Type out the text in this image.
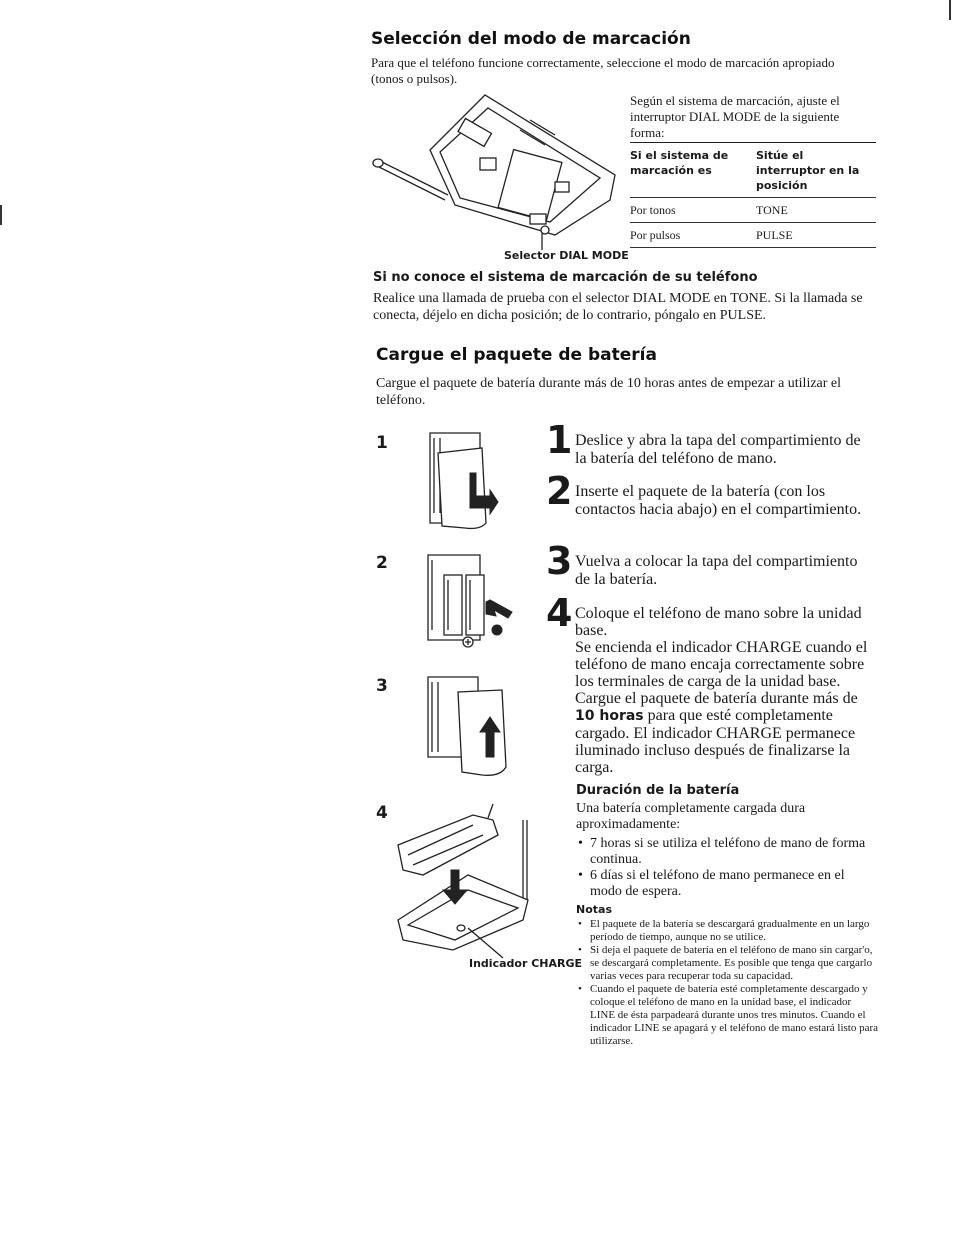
Selección del modo de marcación
Para que el teléfono funcione correctamente, seleccione el modo de marcación apropiado (tonos o pulsos).
Selector DIAL MODE
Según el sistema de marcación, ajuste el interruptor DIAL MODE de la siguiente forma:
Si el sistema de marcación es	Sitúe el interruptor en la posición
Por tonos	TONE
Por pulsos	PULSE
Si no conoce el sistema de marcación de su teléfono
Realice una llamada de prueba con el selector DIAL MODE en TONE. Si la llamada se conecta, déjelo en dicha posición; de lo contrario, póngalo en PULSE.
Cargue el paquete de batería
Cargue el paquete de batería durante más de 10 horas antes de empezar a utilizar el teléfono.
1
2
3
4
Indicador CHARGE
1 Deslice y abra la tapa del compartimiento de la batería del teléfono de mano.
2 Inserte el paquete de la batería (con los contactos hacia abajo) en el compartimiento.
3 Vuelva a colocar la tapa del compartimiento de la batería.
4 Coloque el teléfono de mano sobre la unidad base.
Se encienda el indicador CHARGE cuando el teléfono de mano encaja correctamente sobre los terminales de carga de la unidad base. Cargue el paquete de batería durante más de 10 horas para que esté completamente cargado. El indicador CHARGE permanece iluminado incluso después de finalizarse la carga.
Duración de la batería
Una batería completamente cargada dura aproximadamente:
• 7 horas si se utiliza el teléfono de mano de forma continua.
• 6 días si el teléfono de mano permanece en el modo de espera.
Notas
• El paquete de la batería se descargará gradualmente en un largo período de tiempo, aunque no se utilice.
• Si deja el paquete de batería en el teléfono de mano sin cargar'o, se descargará completamente. Es posible que tenga que cargarlo varias veces para recuperar toda su capacidad.
• Cuando el paquete de batería esté completamente descargado y coloque el teléfono de mano en la unidad base, el indicador LINE de ésta parpadeará durante unos tres minutos. Cuando el indicador LINE se apagará y el teléfono de mano estará listo para utilizarse.
